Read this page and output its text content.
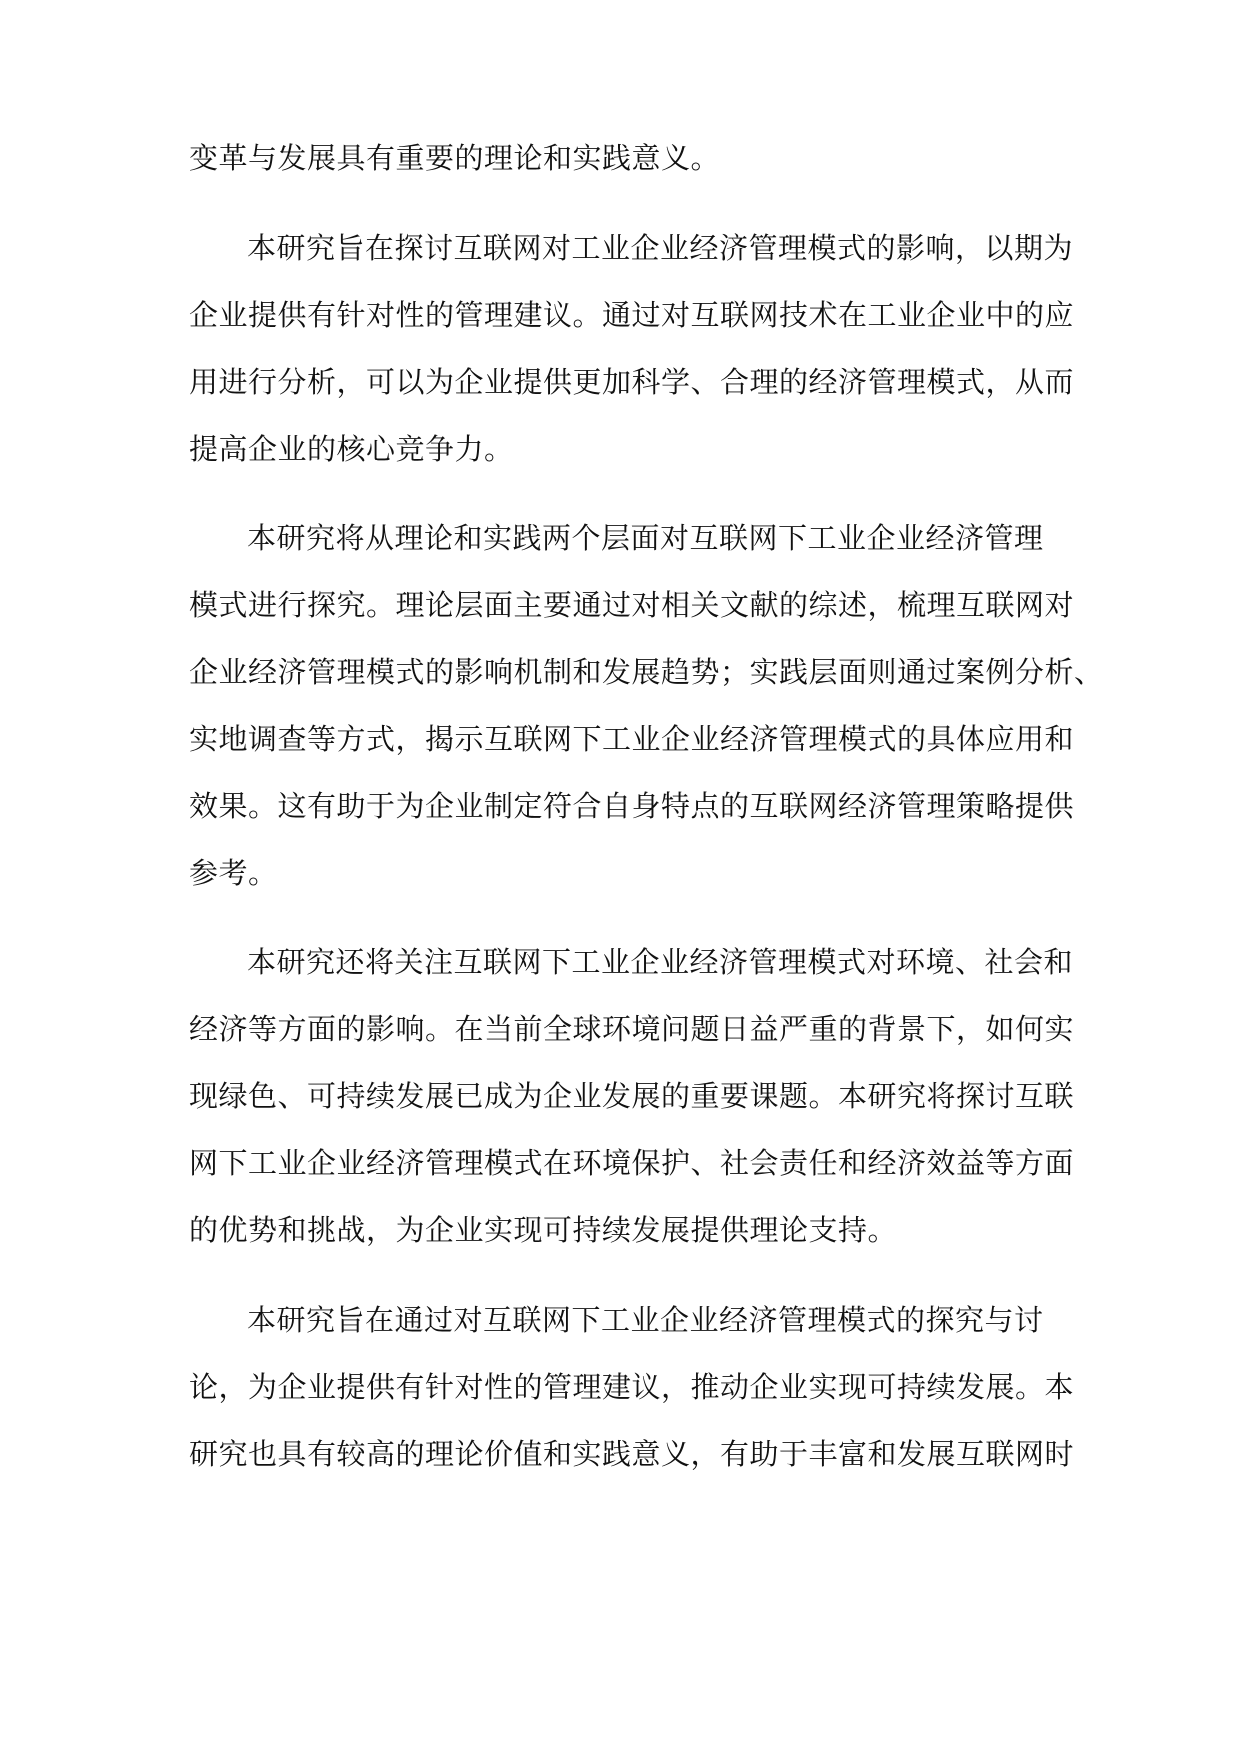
变革与发展具有重要的理论和实践意义。

本研究旨在探讨互联网对工业企业经济管理模式的影响，以期为

企业提供有针对性的管理建议。通过对互联网技术在工业企业中的应

用进行分析，可以为企业提供更加科学、合理的经济管理模式，从而

提高企业的核心竞争力。

本研究将从理论和实践两个层面对互联网下工业企业经济管理

模式进行探究。理论层面主要通过对相关文献的综述，梳理互联网对

企业经济管理模式的影响机制和发展趋势；实践层面则通过案例分析、

实地调查等方式，揭示互联网下工业企业经济管理模式的具体应用和

效果。这有助于为企业制定符合自身特点的互联网经济管理策略提供

参考。

本研究还将关注互联网下工业企业经济管理模式对环境、社会和

经济等方面的影响。在当前全球环境问题日益严重的背景下，如何实

现绿色、可持续发展已成为企业发展的重要课题。本研究将探讨互联

网下工业企业经济管理模式在环境保护、社会责任和经济效益等方面

的优势和挑战，为企业实现可持续发展提供理论支持。

本研究旨在通过对互联网下工业企业经济管理模式的探究与讨

论，为企业提供有针对性的管理建议，推动企业实现可持续发展。本

研究也具有较高的理论价值和实践意义，有助于丰富和发展互联网时
